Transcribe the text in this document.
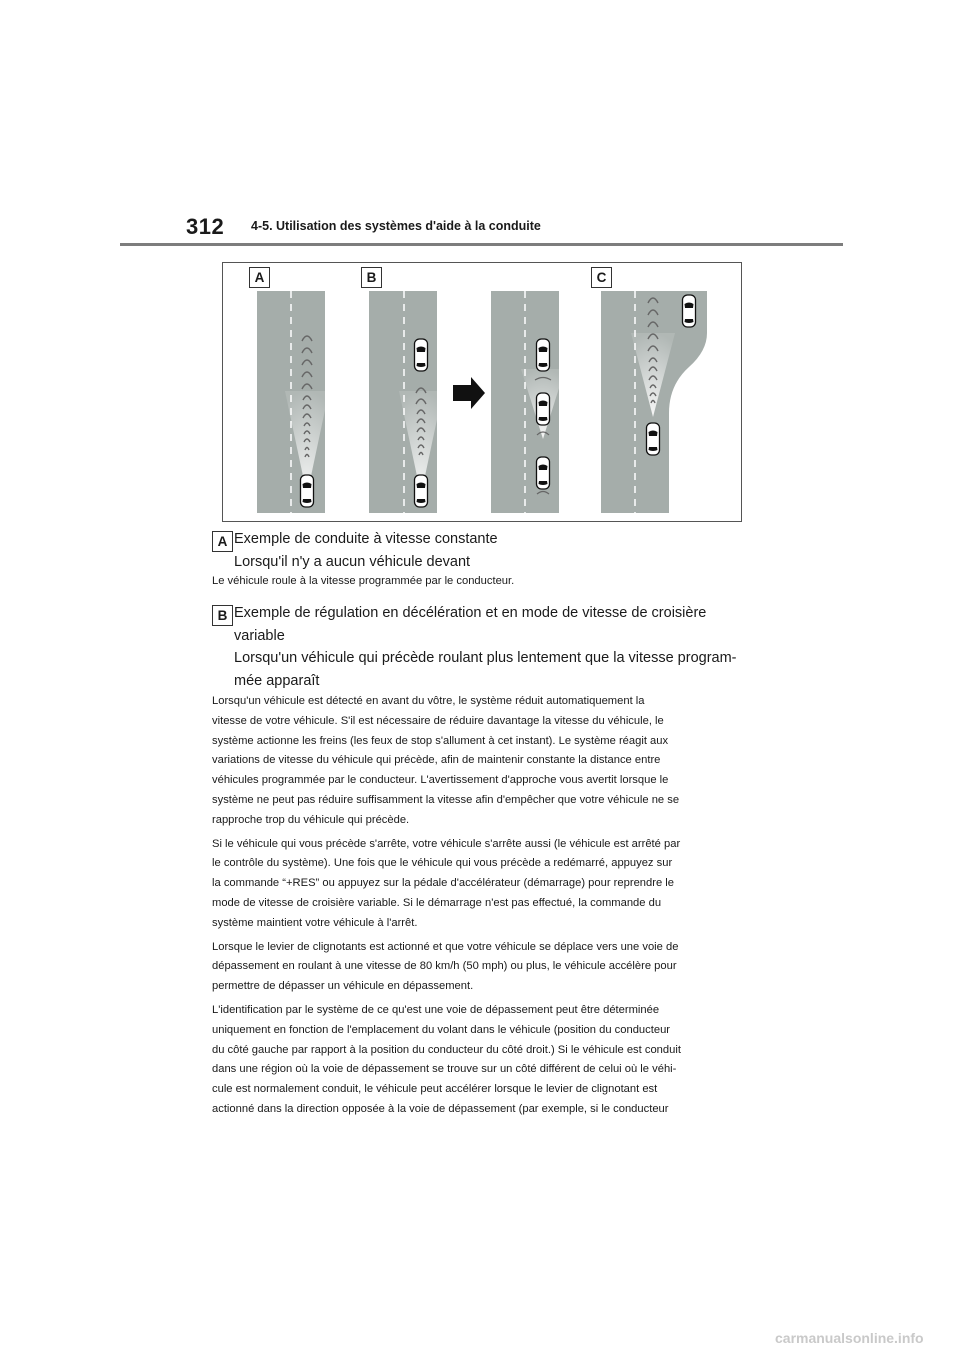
312 4-5. Utilisation des systèmes d'aide à la conduite
A	B	C
A Exemple de conduite à vitesse constante
Lorsqu'il n'y a aucun véhicule devant

Le véhicule roule à la vitesse programmée par le conducteur.

B Exemple de régulation en décélération et en mode de vitesse de croisière
variable
Lorsqu'un véhicule qui précède roulant plus lentement que la vitesse program-
mée apparaît

Lorsqu'un véhicule est détecté en avant du vôtre, le système réduit automatiquement la
vitesse de votre véhicule. S'il est nécessaire de réduire davantage la vitesse du véhicule, le
système actionne les freins (les feux de stop s'allument à cet instant). Le système réagit aux
variations de vitesse du véhicule qui précède, afin de maintenir constante la distance entre
véhicules programmée par le conducteur. L'avertissement d'approche vous avertit lorsque le
système ne peut pas réduire suffisamment la vitesse afin d'empêcher que votre véhicule ne se
rapproche trop du véhicule qui précède.

Si le véhicule qui vous précède s'arrête, votre véhicule s'arrête aussi (le véhicule est arrêté par
le contrôle du système). Une fois que le véhicule qui vous précède a redémarré, appuyez sur
la commande “+RES” ou appuyez sur la pédale d'accélérateur (démarrage) pour reprendre le
mode de vitesse de croisière variable. Si le démarrage n'est pas effectué, la commande du
système maintient votre véhicule à l'arrêt.

Lorsque le levier de clignotants est actionné et que votre véhicule se déplace vers une voie de
dépassement en roulant à une vitesse de 80 km/h (50 mph) ou plus, le véhicule accélère pour
permettre de dépasser un véhicule en dépassement.

L'identification par le système de ce qu'est une voie de dépassement peut être déterminée
uniquement en fonction de l'emplacement du volant dans le véhicule (position du conducteur
du côté gauche par rapport à la position du conducteur du côté droit.) Si le véhicule est conduit
dans une région où la voie de dépassement se trouve sur un côté différent de celui où le véhi-
cule est normalement conduit, le véhicule peut accélérer lorsque le levier de clignotant est
actionné dans la direction opposée à la voie de dépassement (par exemple, si le conducteur

carmanualsonline.info
